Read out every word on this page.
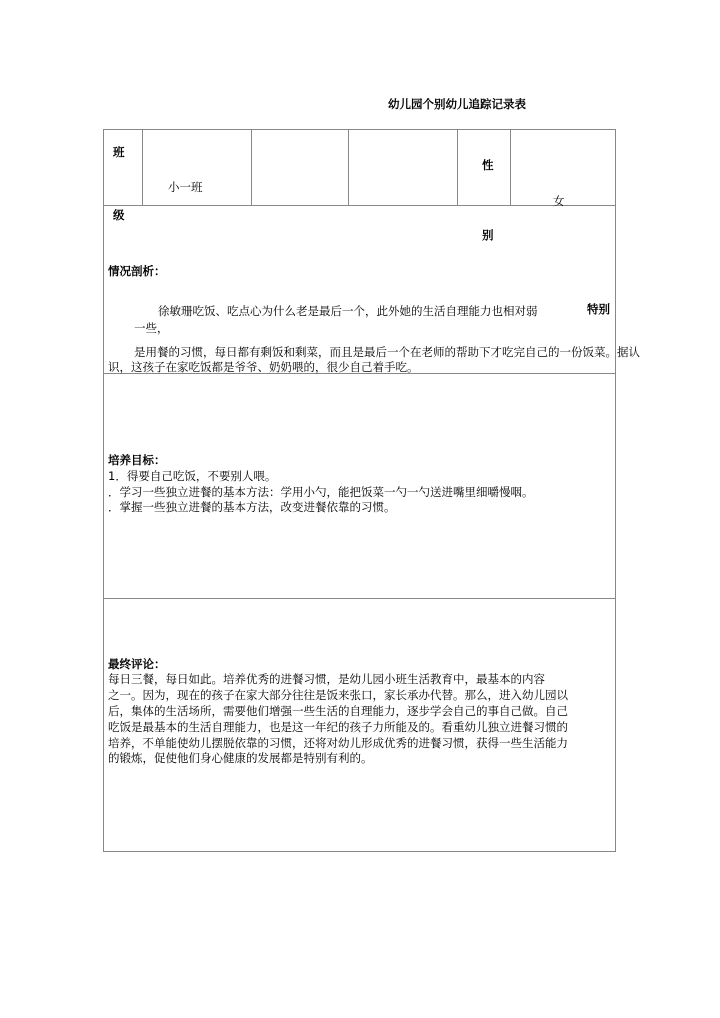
幼儿园个别幼儿追踪记录表
班
级
小一班
性
别
女
情况剖析：
徐敏珊吃饭、吃点心为什么老是最后一个，此外她的生活自理能力也相对弱	特别
一些，
是用餐的习惯，每日都有剩饭和剩菜，而且是最后一个在老师的帮助下才吃完自己的一份饭菜。据认
识，这孩子在家吃饭都是爷爷、奶奶喂的，很少自己着手吃。
培养目标：
1．得要自己吃饭，不要别人喂。
．学习一些独立进餐的基本方法：学用小勺，能把饭菜一勺一勺送进嘴里细嚼慢咽。
．掌握一些独立进餐的基本方法，改变进餐依靠的习惯。
最终评论：
每日三餐，每日如此。培养优秀的进餐习惯，是幼儿园小班生活教育中，最基本的内容
之一。因为，现在的孩子在家大部分往往是饭来张口，家长承办代替。那么，进入幼儿园以
后，集体的生活场所，需要他们增强一些生活的自理能力，逐步学会自己的事自己做。自己
吃饭是最基本的生活自理能力，也是这一年纪的孩子力所能及的。看重幼儿独立进餐习惯的
培养，不单能使幼儿摆脱依靠的习惯，还将对幼儿形成优秀的进餐习惯，获得一些生活能力
的锻炼，促使他们身心健康的发展都是特别有利的。
